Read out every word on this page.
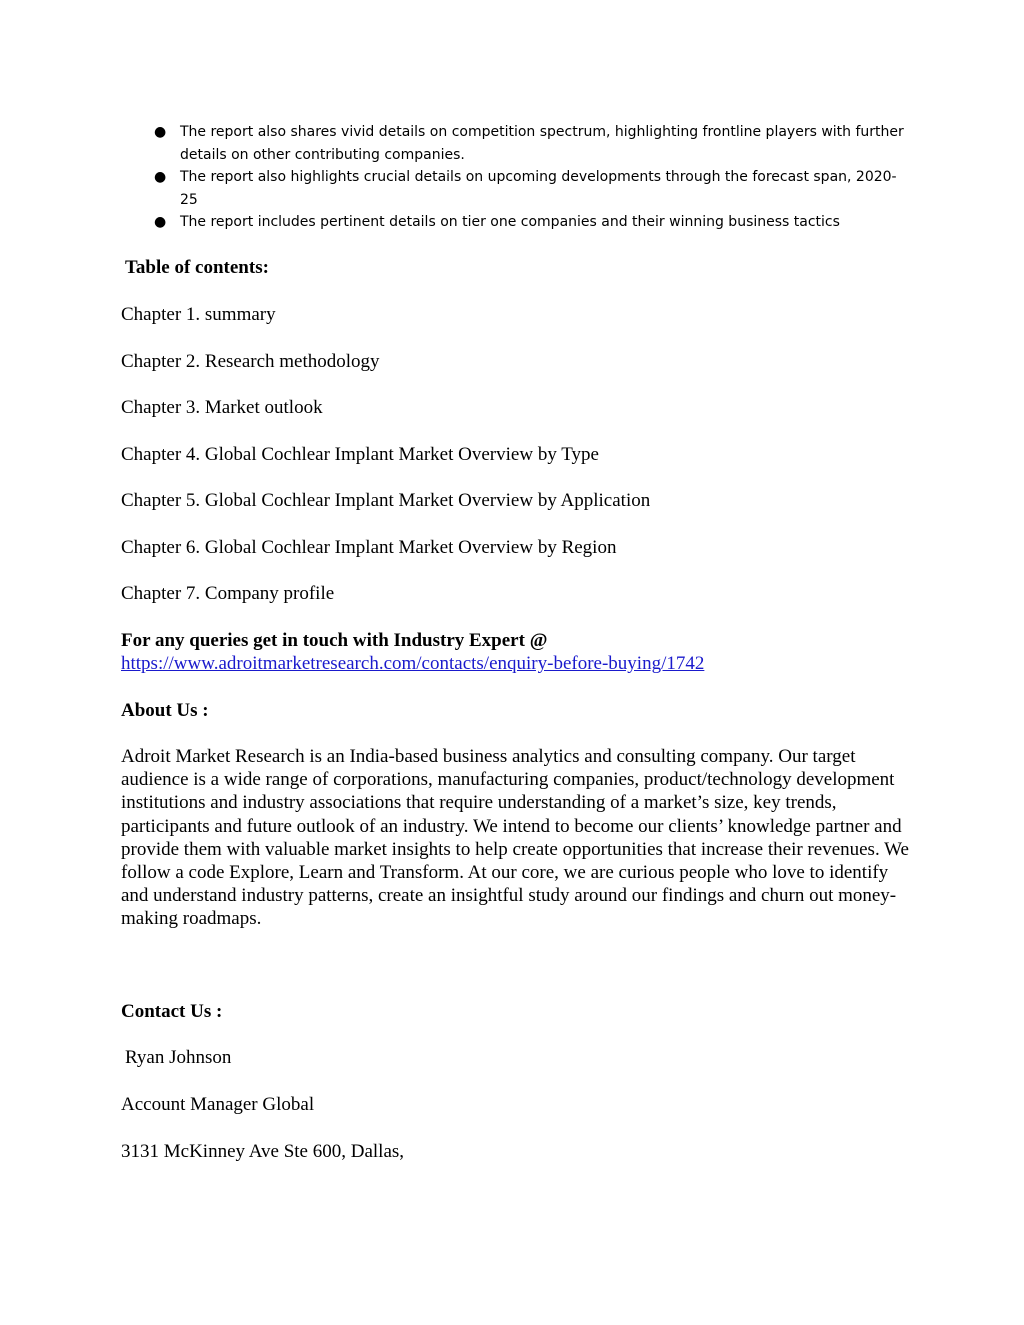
● The report also shares vivid details on competition spectrum, highlighting frontline players with further details on other contributing companies.
● The report also highlights crucial details on upcoming developments through the forecast span, 2020-25
● The report includes pertinent details on tier one companies and their winning business tactics

Table of contents:

Chapter 1. summary

Chapter 2. Research methodology

Chapter 3. Market outlook

Chapter 4. Global Cochlear Implant Market Overview by Type

Chapter 5. Global Cochlear Implant Market Overview by Application

Chapter 6. Global Cochlear Implant Market Overview by Region

Chapter 7. Company profile

For any queries get in touch with Industry Expert @

https://www.adroitmarketresearch.com/contacts/enquiry-before-buying/1742

About Us :

Adroit Market Research is an India-based business analytics and consulting company. Our target audience is a wide range of corporations, manufacturing companies, product/technology development institutions and industry associations that require understanding of a market’s size, key trends, participants and future outlook of an industry. We intend to become our clients’ knowledge partner and provide them with valuable market insights to help create opportunities that increase their revenues. We follow a code Explore, Learn and Transform. At our core, we are curious people who love to identify and understand industry patterns, create an insightful study around our findings and churn out money-making roadmaps.

Contact Us :

Ryan Johnson

Account Manager Global

3131 McKinney Ave Ste 600, Dallas,
